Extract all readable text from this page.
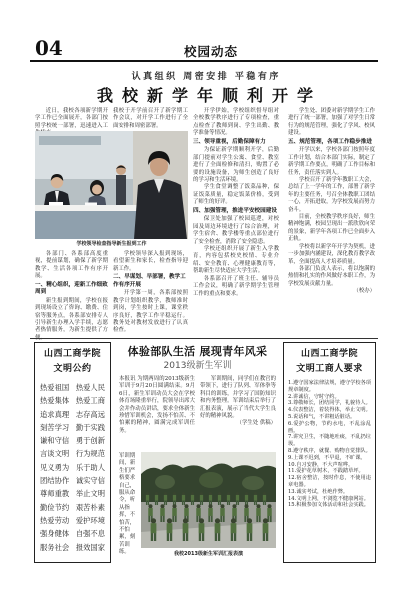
04	校园动态
认真组织 周密安排 平稳有序
我校新学年顺利开学

近日，我校各项新学期开学工作已全面展开，各部门按照学校统一部署，迅速进入工

我校于开学前召开了新学期工作会议，对开学工作进行了全面安排和周密部署。

学校领导检查指导新生报到工作

各部门、各系部高度重视，提前谋划，确保了新学期教学、生活各项工作有序开展。

一、精心组织，迎新工作细致周到

新生报到期间，学校在报到现场设立了咨询、缴费、住宿等服务点，各系部安排专人引导新生办理入学手续，志愿者热情服务，为新生提供了方

学校领导深入报到现场，看望新生和家长，检查指导迎新工作。

二、早谋划、早部署，教学工作有序开展

开学第一周，各系部按照教学计划组织教学，教师准时到岗，学生按时上课，课堂秩序良好，教学工作平稳运行。教务处对教材发放进行了认真检查。

开学伊始，学校组织督导组对全校教学秩序进行了专项检查，重点检查了教师到岗、学生出勤、教学准备等情况。

三、领导重视，后勤保障有力

为保证新学期顺利开学，后勤部门提前对学生公寓、食堂、教室进行了全面检修和清扫，购置了必要的设施设备，为师生创造了良好的学习和生活环境。

学生食堂调整了饭菜品种，保证饭菜质量，稳定饭菜价格，受到了师生的好评。

四、加强管理，推进平安校园建设

保卫处加强了校园巡逻，对校园及周边环境进行了综合治理，对学生宿舍、教学楼等重点部位进行了安全检查，消除了安全隐患。

学校还组织开展了新生入学教育，内容包括校史校情、专业介绍、安全教育、心理健康教育等，帮助新生尽快适应大学生活。

各系部召开了班主任、辅导员工作会议，明确了新学期学生管理工作的重点和要求。

学生处、团委对新学期学生工作进行了统一部署，加强了对学生日常行为的规范管理，强化了学风、校风建设。

五、规范管理，各项工作稳步推进

开学以来，学校各部门按照年度工作计划，结合本部门实际，制定了新学期工作要点，明确了工作目标和任务，责任落实到人。

学校召开了新学年教职工大会，总结了上一学年的工作，部署了新学年的主要任务，号召全体教职工团结一心，开拓进取，为学校发展而努力奋斗。

目前，全校教学秩序良好，师生精神饱满，校园呈现出一派欣欣向荣的景象，新学年各项工作已全面步入正轨。

学校将以新学年开学为契机，进一步加强内涵建设，深化教育教学改革，全面提高人才培养质量。

各部门负责人表示，将以饱满的热情和扎实的作风做好本职工作，为学校发展贡献力量。

（校办）

山西工商学院
文明公约
热爱祖国 热爱人民
热爱集体 热爱工商
追求真理 志存高远
刻苦学习 勤于实践
谦和守信 勇于创新
言谈文明 行为规范
见义勇为 乐于助人
团结协作 诚实守信
尊师重教 举止文明
勤俭节约 艰苦朴素
热爱劳动 爱护环境
强身健体 自强不息
服务社会 报效国家
体验部队生活 展现青年风采
2013级新生军训

本报讯 为期两周的2013级新生军训于9月20日圆满结束。9月6日，新生军训动员大会在学校体育场隆重举行，院领导出席大会并作动员讲话，要求全体新生珍惜军训机会，发扬不怕苦、不怕累的精神，圆满完成军训任务。

军训期间，同学们在教官的带领下，进行了队列、军体拳等科目的训练，并学习了国防知识和内务整理。军训结束后举行了汇报表演，展示了当代大学生良好的精神风貌。

（学生处 供稿）

军训期间，新生们严格要求自己，服从命令，听从指挥，不怕苦，不怕累，刻苦训练。	我校2013级新生军训汇报表演
山西工商学院
文明工商人要求
1.遵守国家法律法规，遵守学校各项规章制度。
2.讲诚信，守时守约。
3.尊敬师长，团结同学，礼貌待人。
4.仪表整洁，着装得体，举止文明。
5.说话和气，不讲粗话脏话。
6.爱护公物，节约水电，不乱涂乱画。
7.讲究卫生，不随地吐痰，不乱扔垃圾。
8.遵守秩序，就餐、购物自觉排队。
9.上课不迟到，不早退，不旷课。
10.自习安静，不大声喧哗。
11.爱护花草树木，不践踏草坪。
12.宿舍整洁，按时作息，不使用违章电器。
13.诚实考试，杜绝作弊。
14.文明上网，不浏览不健康网站。
15.积极参加文体活动和社会实践。
